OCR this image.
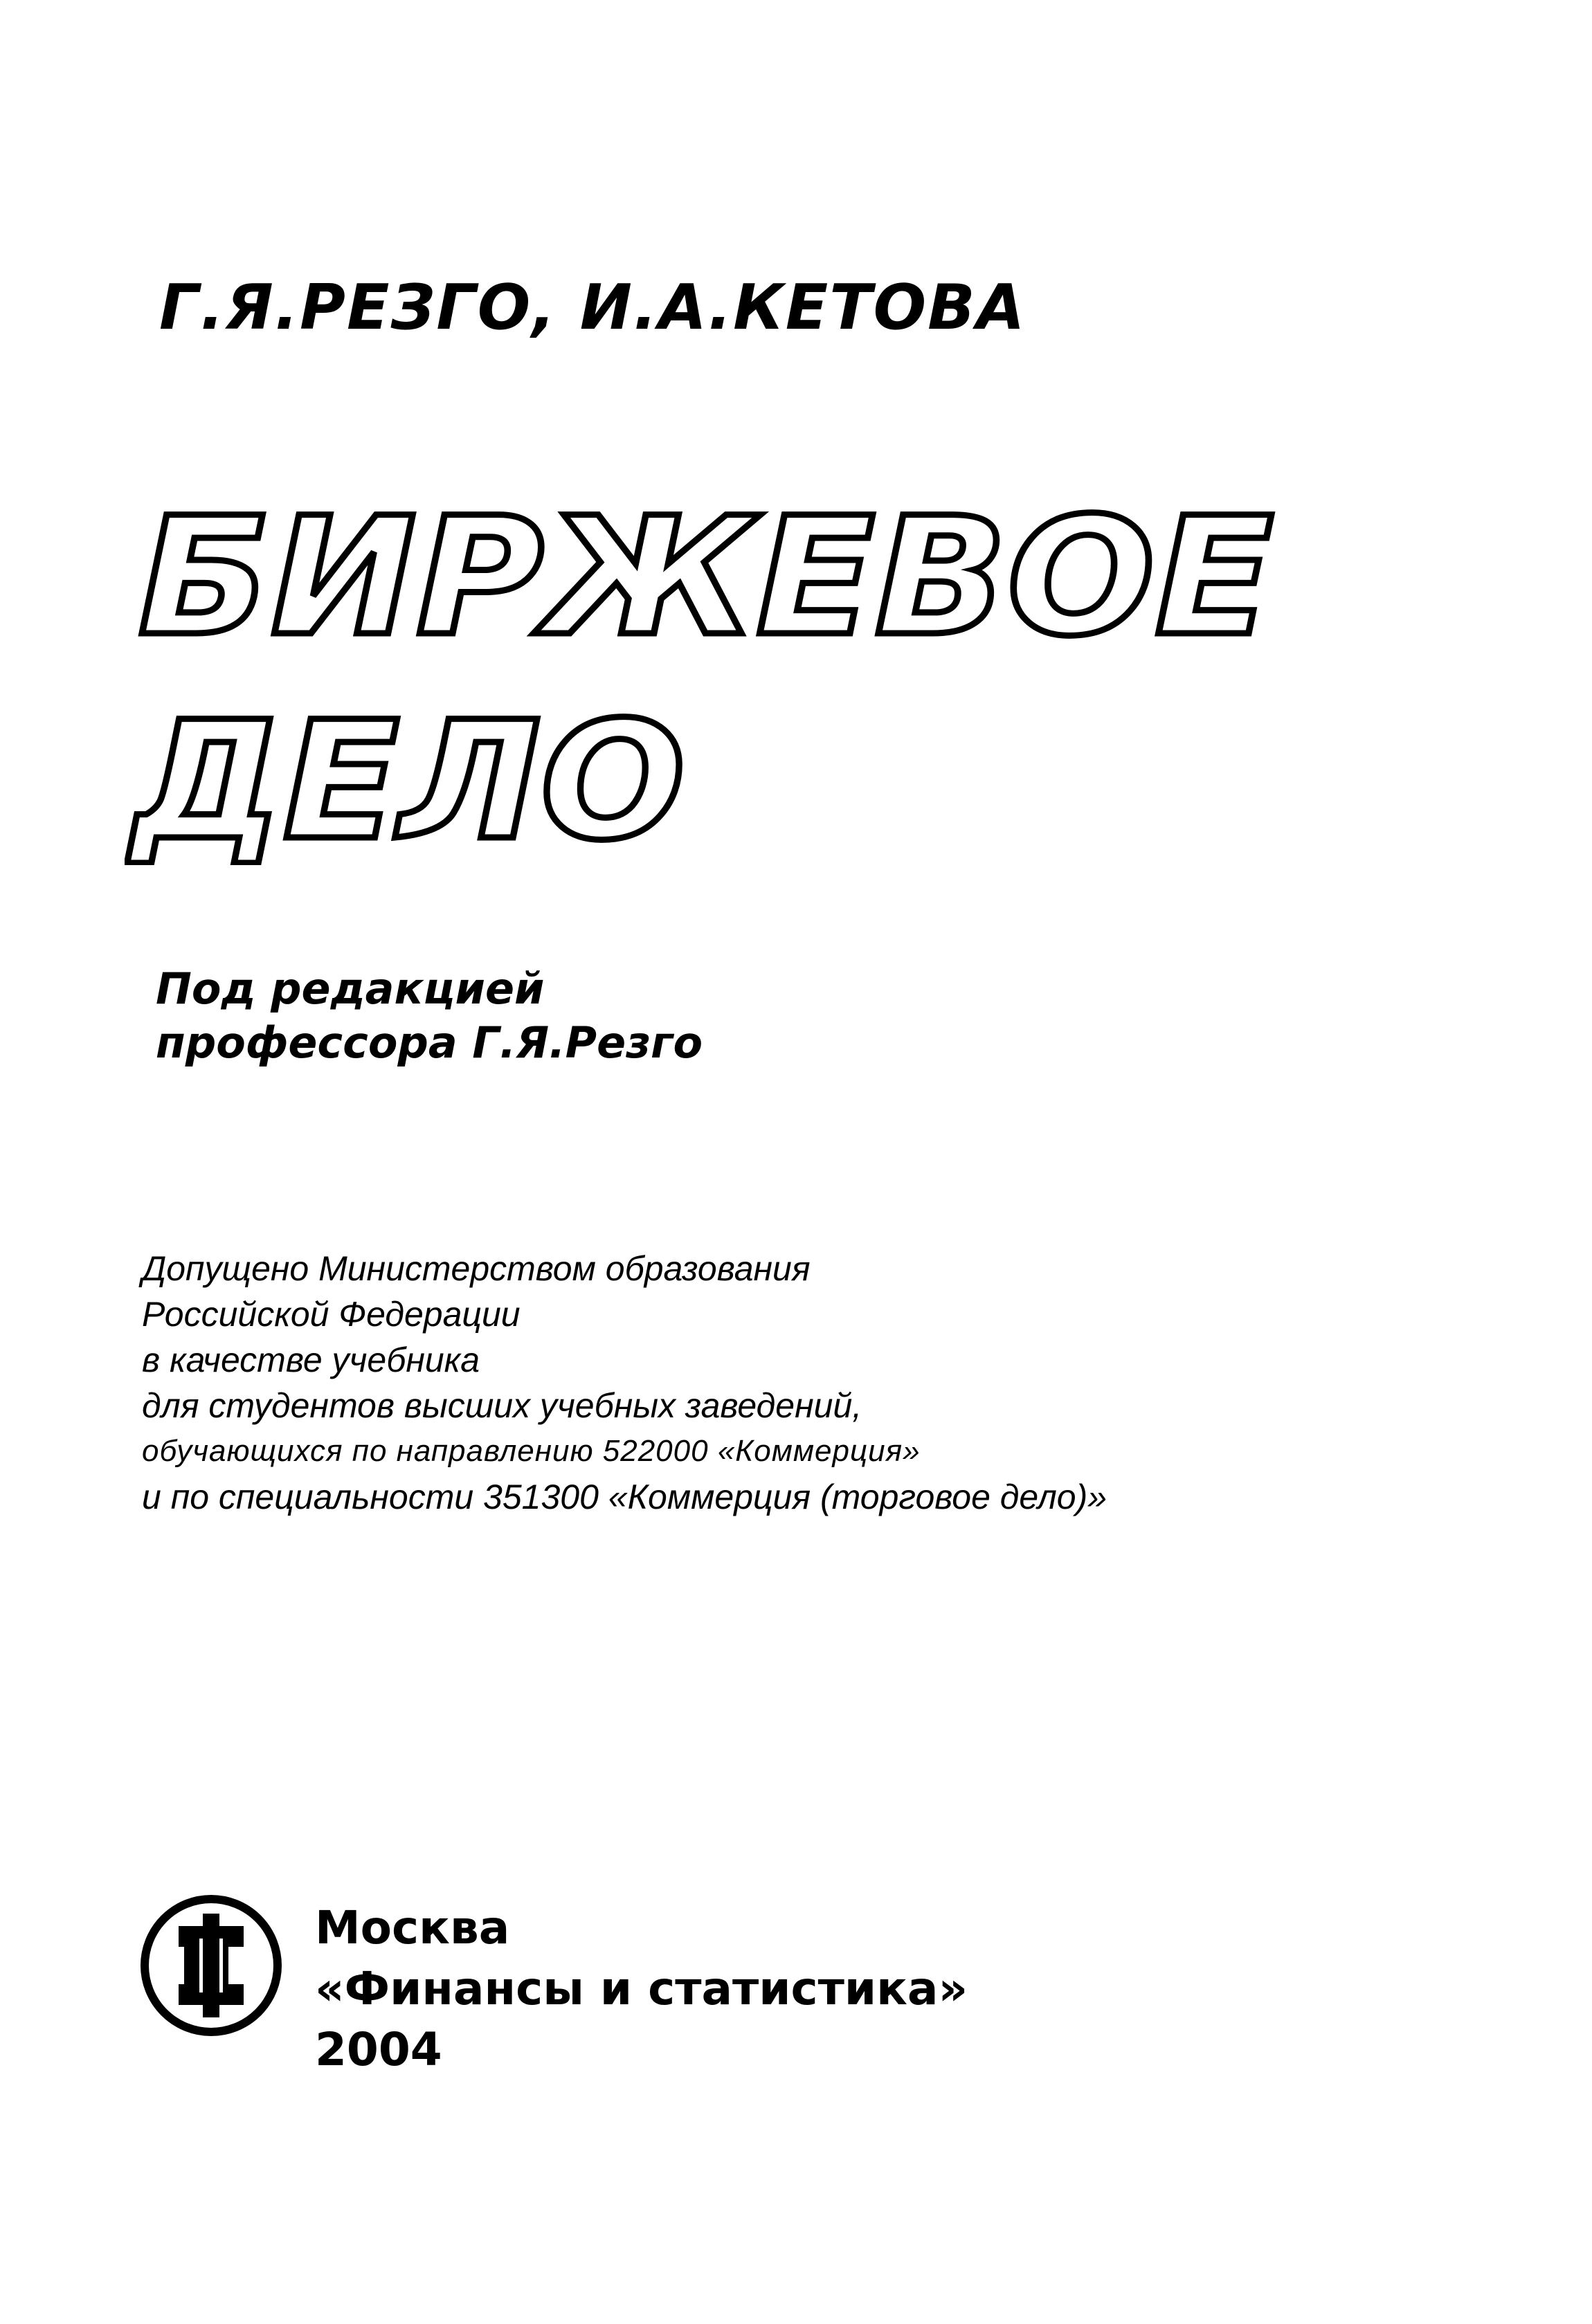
Г.Я.РЕЗГО, И.А.КЕТОВА
БИРЖЕВОЕ
ДЕЛО
Под редакцией
профессора Г.Я.Резго
Допущено Министерством образования
Российской Федерации
в качестве учебника
для студентов высших учебных заведений,
обучающихся по направлению 522000 «Коммерция»
и по специальности 351300 «Коммерция (торговое дело)»
Москва
«Финансы и статистика»
2004
